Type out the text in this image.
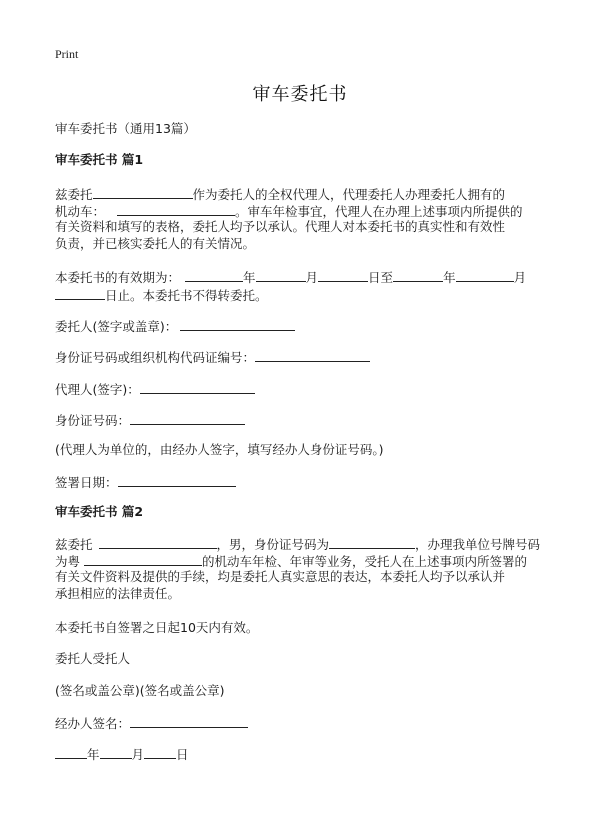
Print
审车委托书
审车委托书（通用13篇）
审车委托书 篇1
兹委托	作为委托人的全权代理人，代理委托人办理委托人拥有的
机动车：	。审车年检事宜，代理人在办理上述事项内所提供的
有关资料和填写的表格，委托人均予以承认。代理人对本委托书的真实性和有效性
负责，并已核实委托人的有关情况。
本委托书的有效期为：	年	月	日至	年	月
日止。本委托书不得转委托。
委托人(签字或盖章)：
身份证号码或组织机构代码证编号：
代理人(签字)：
身份证号码：
(代理人为单位的，由经办人签字，填写经办人身份证号码。)
签署日期：
审车委托书 篇2
兹委托	，男，身份证号码为	，办理我单位号牌号码
为粤	的机动车年检、年审等业务，受托人在上述事项内所签署的
有关文件资料及提供的手续，均是委托人真实意思的表达，本委托人均予以承认并
承担相应的法律责任。
本委托书自签署之日起10天内有效。
委托人受托人
(签名或盖公章)(签名或盖公章)
经办人签名：
年	月	日
